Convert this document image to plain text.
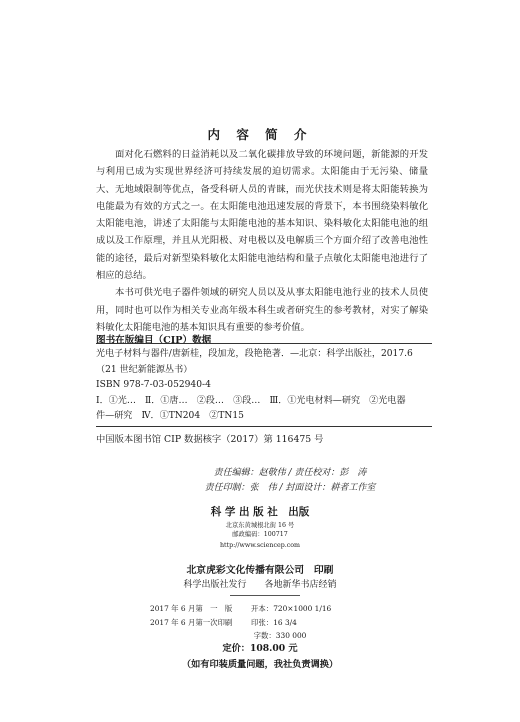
内 容 简 介

面对化石燃料的日益消耗以及二氧化碳排放导致的环境问题，新能源的开发与利用已成为实现世界经济可持续发展的迫切需求。太阳能由于无污染、储量大、无地域限制等优点，备受科研人员的青睐，而光伏技术则是将太阳能转换为电能最为有效的方式之一。在太阳能电池迅速发展的背景下，本书围绕染料敏化太阳能电池，讲述了太阳能与太阳能电池的基本知识、染料敏化太阳能电池的组成以及工作原理，并且从光阳极、对电极以及电解质三个方面介绍了改善电池性能的途径，最后对新型染料敏化太阳能电池结构和量子点敏化太阳能电池进行了相应的总结。

本书可供光电子器件领域的研究人员以及从事太阳能电池行业的技术人员使用，同时也可以作为相关专业高年级本科生或者研究生的参考教材，对实了解染料敏化太阳能电池的基本知识具有重要的参考价值。

图书在版编目（CIP）数据
光电子材料与器件/唐新桂，段加龙，段艳艳著．—北京：科学出版社，2017.6
（21 世纪新能源丛书）
ISBN 978-7-03-052940-4
Ⅰ．①光…　Ⅱ．①唐…　②段…　③段…　Ⅲ．①光电材料—研究　②光电器
件—研究　Ⅳ．①TN204　②TN15
中国版本图书馆 CIP 数据核字（2017）第 116475 号
责任编辑：赵敬伟 / 责任校对：彭　涛
责任印制：张　伟 / 封面设计：耕者工作室
科 学 出 版 社　出版
北京东黄城根北街 16 号
邮政编码：100717
http://www.sciencep.com
北京虎彩文化传播有限公司　印刷
科学出版社发行　　各地新华书店经销
2017 年 6 月第　一　版	开本：720×1000 1/16
2017 年 6 月第一次印刷	印张：16 3/4
字数：330 000
定价：108.00 元
（如有印装质量问题，我社负责调换）
